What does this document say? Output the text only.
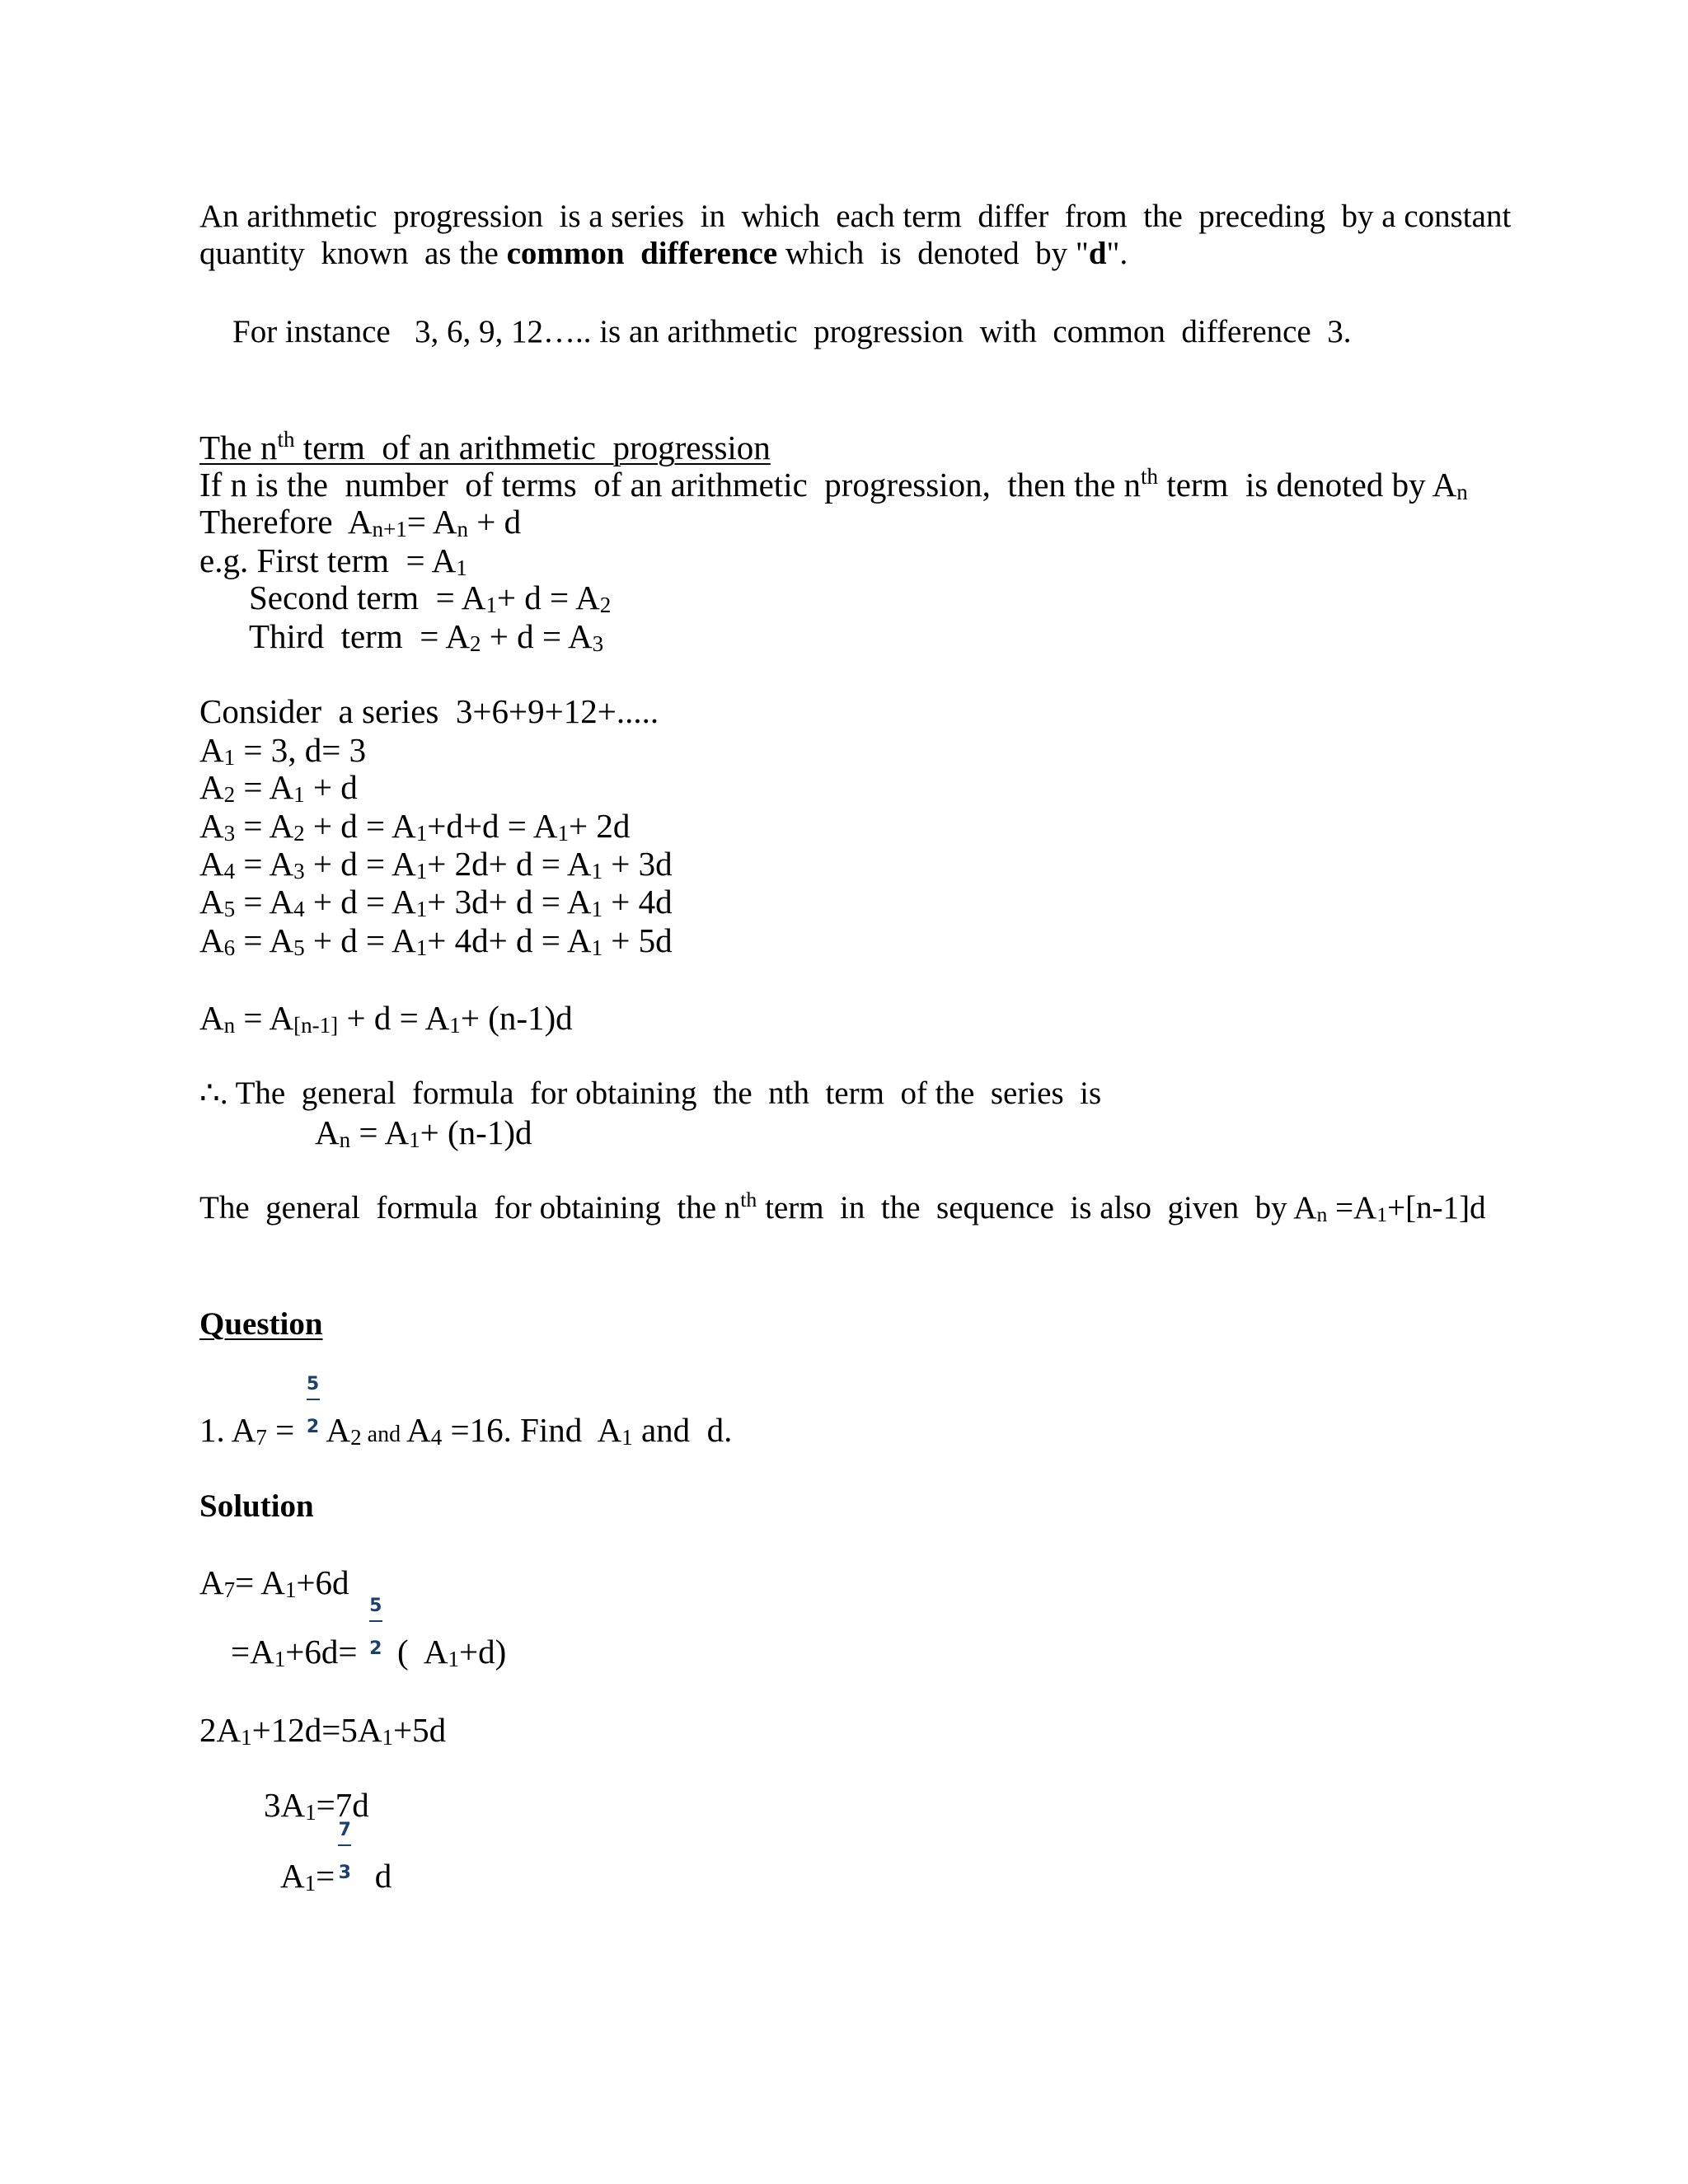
An arithmetic  progression  is a series  in  which  each term  differ  from  the  preceding  by a constant

quantity  known  as the common  difference which  is  denoted  by "d".

For instance   3, 6, 9, 12….. is an arithmetic  progression  with  common  difference  3.

The $n^{th}$ term  of an arithmetic  progression

If n is the  number  of terms  of an arithmetic  progression,  then the $n^{th}$ term  is denoted by $A_n$

Therefore  $A_{n+1}= A_n + d$

e.g. First term  = $A_1$

Second term  = $A_1+ d = A_2$

Third  term  = $A_2 + d = A_3$

Consider  a series  3+6+9+12+.....

$A_1 = 3$, d= 3

$A_2 = A_1 + d$

$A_3 = A_2 + d = A_1+d+d = A_1+ 2d$

$A_4 = A_3 + d = A_1+ 2d+ d = A_1 + 3d$

$A_5 = A_4 + d = A_1+ 3d+ d = A_1 + 4d$

$A_6 = A_5 + d = A_1+ 4d+ d = A_1 + 5d$

$A_n = A_{[n-1]} + d = A_1+ (n-1)d$

∴. The  general  formula  for obtaining  the  nth  term  of the  series  is

$A_n = A_1+ (n-1)d$

The  general  formula  for obtaining  the $n^{th}$ term  in  the  sequence  is also  given  by $A_n =A_1+[n-1]d$

Question

1. $A_7 = \frac{5}{2} A_2$ and $A_4 =16$. Find  $A_1$ and  d.

Solution

$A_7= A_1+6d$

$=A_1+6d= \frac{5}{2}$ (  $A_1+d$)

$2A_1+12d=5A_1+5d$

$3A_1=7d$

$A_1= \frac{7}{3}$ d
